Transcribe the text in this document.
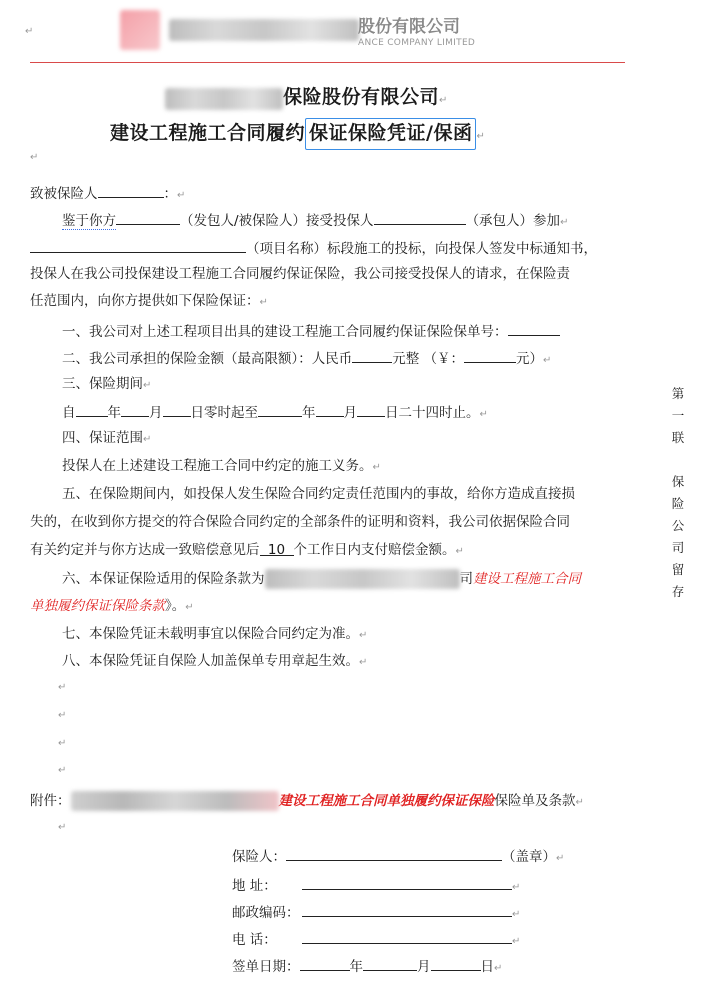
股份有限公司
ANCE COMPANY LIMITED
↵
保险股份有限公司↵
建设工程施工合同履约 保证保险凭证/保函 ↵
↵
致被保险人	：↵
鉴于你方	（发包人/被保险人）接受投保人	（承包人）参加↵
（项目名称）标段施工的投标，向投保人签发中标通知书，
投保人在我公司投保建设工程施工合同履约保证保险，我公司接受投保人的请求，在保险责
任范围内，向你方提供如下保险保证：↵
一、我公司对上述工程项目出具的建设工程施工合同履约保证保险保单号：
二、我公司承担的保险金额（最高限额）：人民币	元整 （￥：	元）↵
三、保险期间↵
自 年 月 日零时起至	年 月 日二十四时止。↵
四、保证范围↵
投保人在上述建设工程施工合同中约定的施工义务。↵
五、在保险期间内，如投保人发生保险合同约定责任范围内的事故，给你方造成直接损
失的，在收到你方提交的符合保险合同约定的全部条件的证明和资料，我公司依据保险合同
有关约定并与你方达成一致赔偿意见后 10 个工作日内支付赔偿金额。↵
六、本保证保险适用的保险条款为	司建设工程施工合同
单独履约保证保险条款》。↵
七、本保险凭证未载明事宜以保险合同约定为准。↵
八、本保险凭证自保险人加盖保单专用章起生效。↵
↵
↵
↵
↵
附件：	建设工程施工合同单独履约保证保险保险单及条款↵
↵
保险人：	（盖章）↵
地 址：	↵
邮政编码：	↵
电 话：	↵
签单日期：	年	月	日↵
第
一
联
保
险
公
司
留
存
